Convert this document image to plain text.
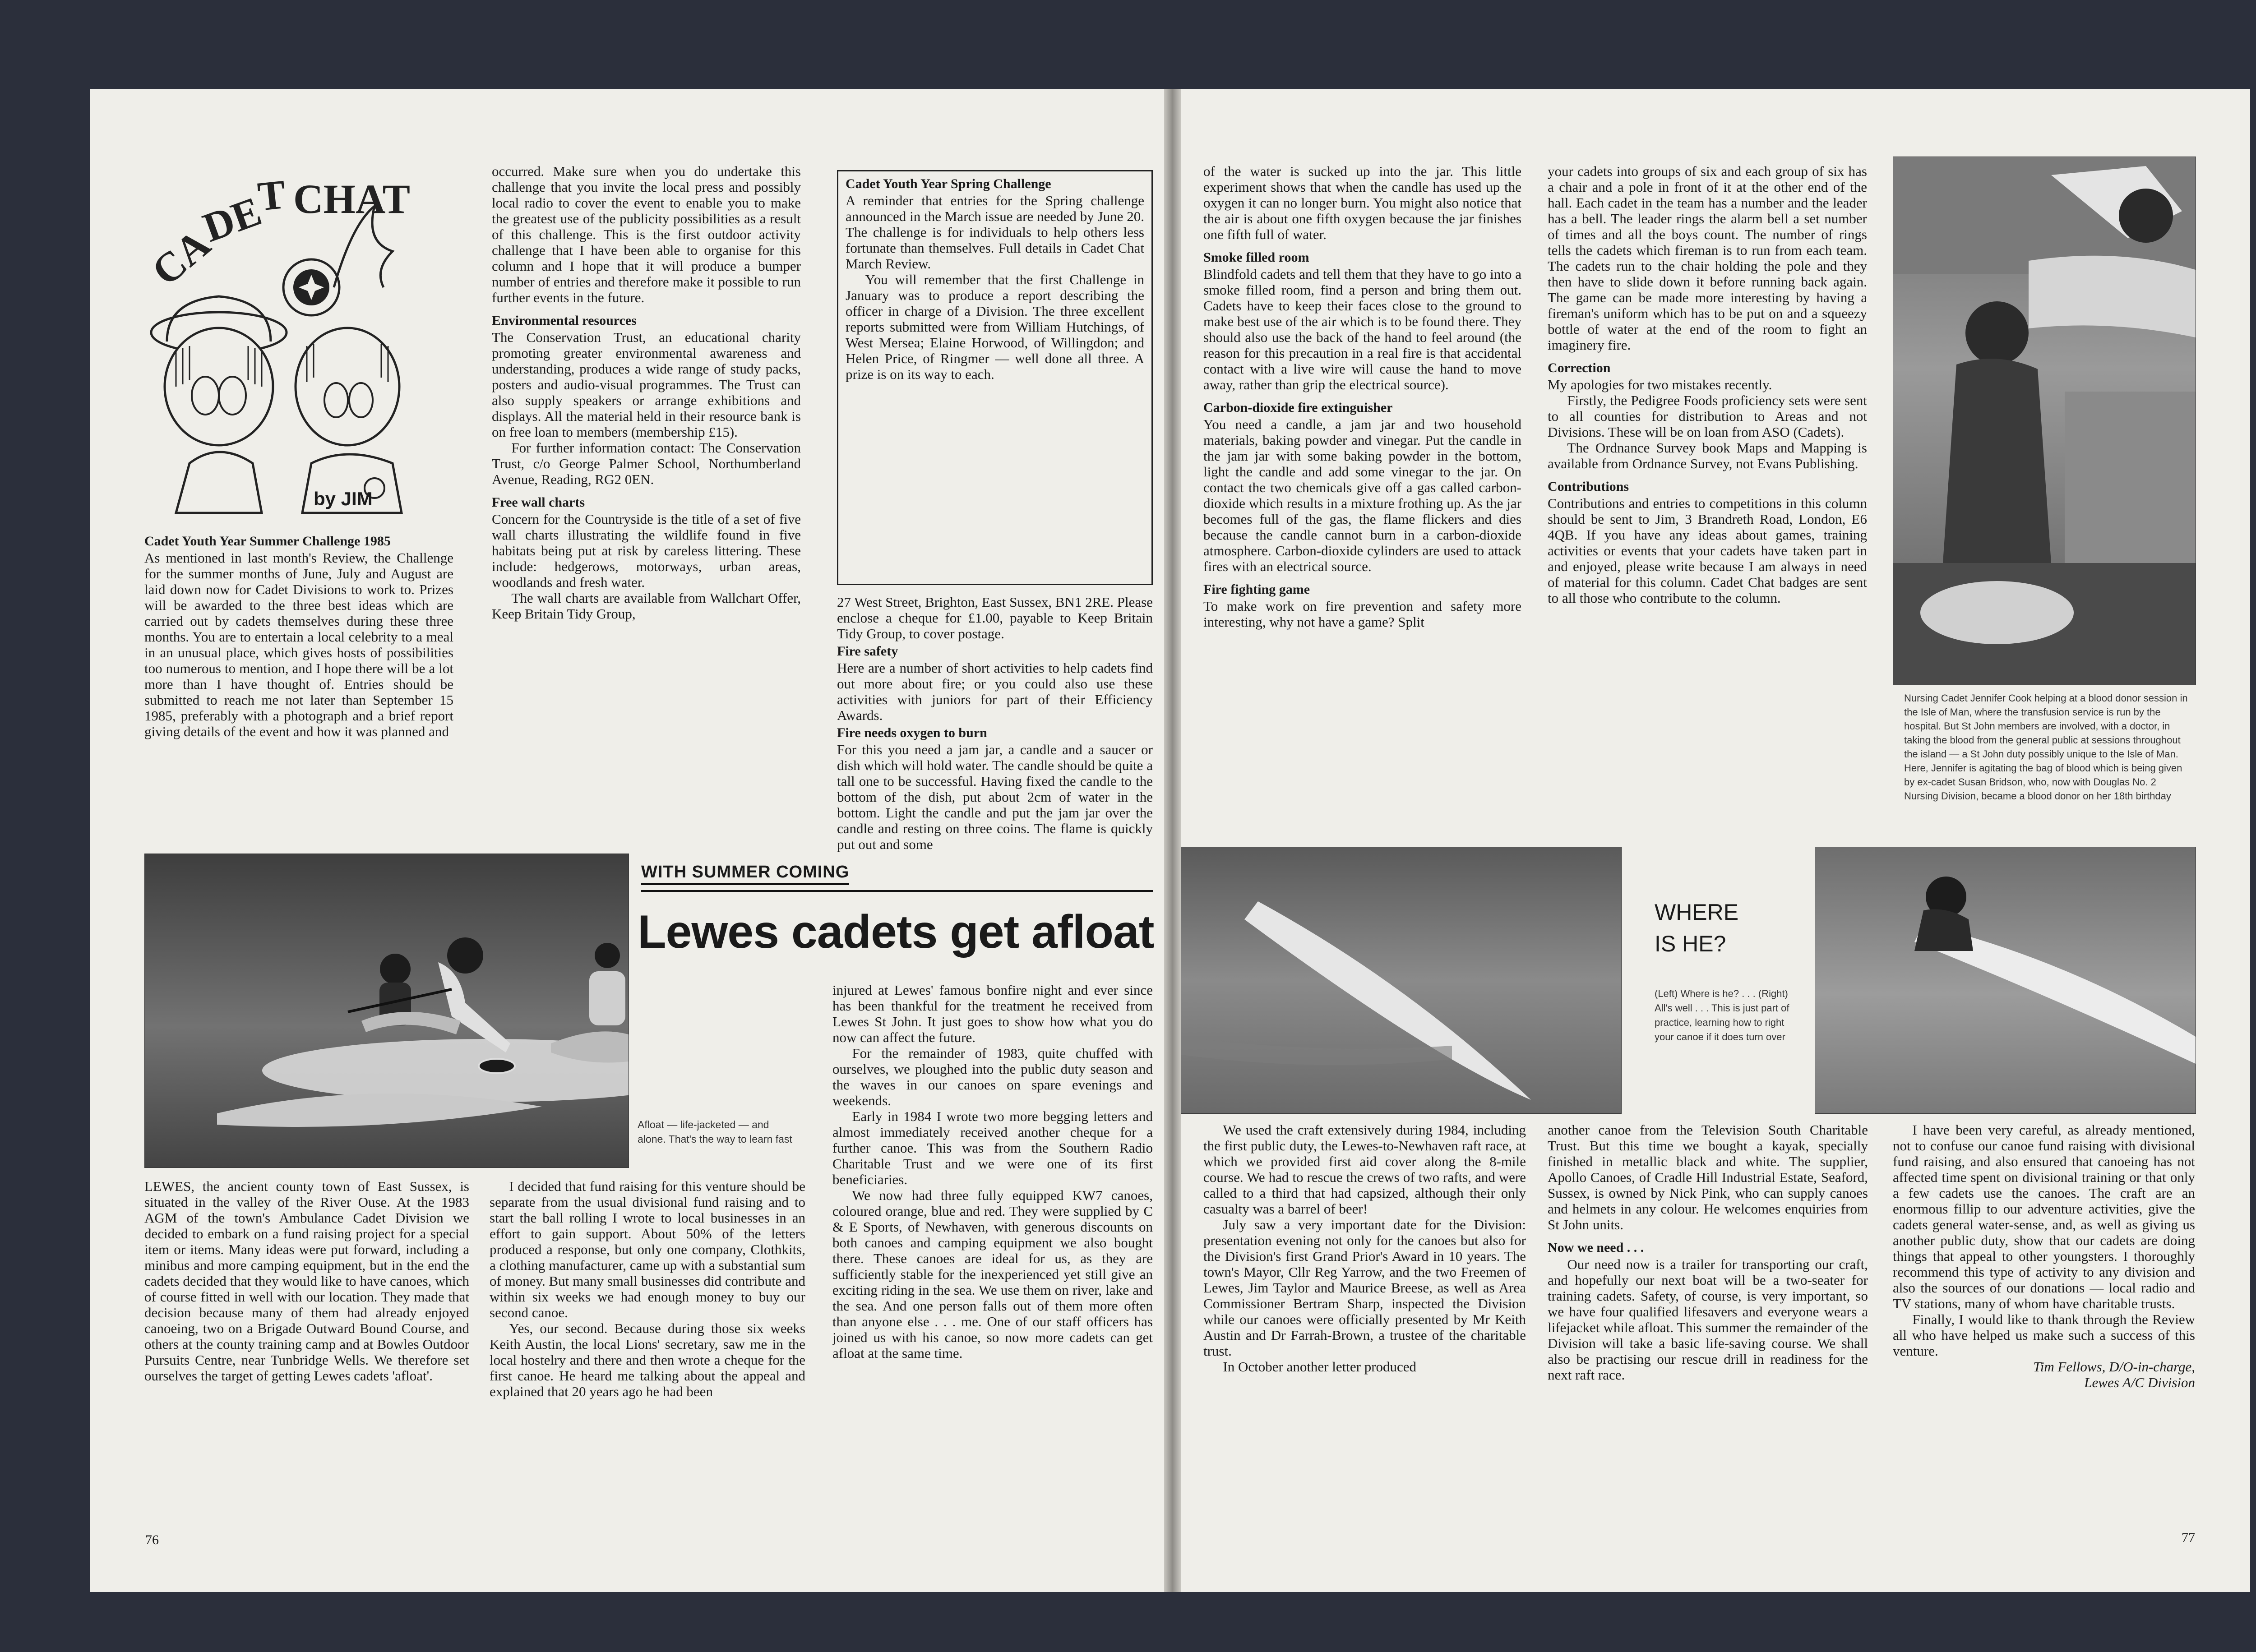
CA
DE
T CHAT
by JIM
Cadet Youth Year Summer Challenge 1985

As mentioned in last month's Review, the Challenge for the summer months of June, July and August are laid down now for Cadet Divisions to work to. Prizes will be awarded to the three best ideas which are carried out by cadets themselves during these three months. You are to entertain a local celebrity to a meal in an unusual place, which gives hosts of possibilities too numerous to mention, and I hope there will be a lot more than I have thought of. Entries should be submitted to reach me not later than September 15 1985, preferably with a photograph and a brief report giving details of the event and how it was planned and

occurred. Make sure when you do undertake this challenge that you invite the local press and possibly local radio to cover the event to enable you to make the greatest use of the publicity possibilities as a result of this challenge. This is the first outdoor activity challenge that I have been able to organise for this column and I hope that it will produce a bumper number of entries and therefore make it possible to run further events in the future.

Environmental resources

The Conservation Trust, an educational charity promoting greater environmental awareness and understanding, produces a wide range of study packs, posters and audio-visual programmes. The Trust can also supply speakers or arrange exhibitions and displays. All the material held in their resource bank is on free loan to members (membership £15).

For further information contact: The Conservation Trust, c/o George Palmer School, Northumberland Avenue, Reading, RG2 0EN.

Free wall charts

Concern for the Countryside is the title of a set of five wall charts illustrating the wildlife found in five habitats being put at risk by careless littering. These include: hedgerows, motorways, urban areas, woodlands and fresh water.

The wall charts are available from Wallchart Offer, Keep Britain Tidy Group,

Cadet Youth Year Spring Challenge

A reminder that entries for the Spring challenge announced in the March issue are needed by June 20. The challenge is for individuals to help others less fortunate than themselves. Full details in Cadet Chat March Review.

You will remember that the first Challenge in January was to produce a report describing the officer in charge of a Division. The three excellent reports submitted were from William Hutchings, of West Mersea; Elaine Horwood, of Willingdon; and Helen Price, of Ringmer — well done all three. A prize is on its way to each.

27 West Street, Brighton, East Sussex, BN1 2RE. Please enclose a cheque for £1.00, payable to Keep Britain Tidy Group, to cover postage.

Fire safety

Here are a number of short activities to help cadets find out more about fire; or you could also use these activities with juniors for part of their Efficiency Awards.

Fire needs oxygen to burn

For this you need a jam jar, a candle and a saucer or dish which will hold water. The candle should be quite a tall one to be successful. Having fixed the candle to the bottom of the dish, put about 2cm of water in the bottom. Light the candle and put the jam jar over the candle and resting on three coins. The flame is quickly put out and some

Afloat — life-jacketed — and alone. That's the way to learn fast
WITH SUMMER COMING
Lewes cadets get afloat

LEWES, the ancient county town of East Sussex, is situated in the valley of the River Ouse. At the 1983 AGM of the town's Ambulance Cadet Division we decided to embark on a fund raising project for a special item or items. Many ideas were put forward, including a minibus and more camping equipment, but in the end the cadets decided that they would like to have canoes, which of course fitted in well with our location. They made that decision because many of them had already enjoyed canoeing, two on a Brigade Outward Bound Course, and others at the county training camp and at Bowles Outdoor Pursuits Centre, near Tunbridge Wells. We therefore set ourselves the target of getting Lewes cadets 'afloat'.

I decided that fund raising for this venture should be separate from the usual divisional fund raising and to start the ball rolling I wrote to local businesses in an effort to gain support. About 50% of the letters produced a response, but only one company, Clothkits, a clothing manufacturer, came up with a substantial sum of money. But many small businesses did contribute and within six weeks we had enough money to buy our second canoe.

Yes, our second. Because during those six weeks Keith Austin, the local Lions' secretary, saw me in the local hostelry and there and then wrote a cheque for the first canoe. He heard me talking about the appeal and explained that 20 years ago he had been

injured at Lewes' famous bonfire night and ever since has been thankful for the treatment he received from Lewes St John. It just goes to show how what you do now can affect the future.

For the remainder of 1983, quite chuffed with ourselves, we ploughed into the public duty season and the waves in our canoes on spare evenings and weekends.

Early in 1984 I wrote two more begging letters and almost immediately received another cheque for a further canoe. This was from the Southern Radio Charitable Trust and we were one of its first beneficiaries.

We now had three fully equipped KW7 canoes, coloured orange, blue and red. They were supplied by C & E Sports, of Newhaven, with generous discounts on both canoes and camping equipment we also bought there. These canoes are ideal for us, as they are sufficiently stable for the inexperienced yet still give an exciting riding in the sea. We use them on river, lake and the sea. And one person falls out of them more often than anyone else . . . me. One of our staff officers has joined us with his canoe, so now more cadets can get afloat at the same time.

76

of the water is sucked up into the jar. This little experiment shows that when the candle has used up the oxygen it can no longer burn. You might also notice that the air is about one fifth oxygen because the jar finishes one fifth full of water.

Smoke filled room

Blindfold cadets and tell them that they have to go into a smoke filled room, find a person and bring them out. Cadets have to keep their faces close to the ground to make best use of the air which is to be found there. They should also use the back of the hand to feel around (the reason for this precaution in a real fire is that accidental contact with a live wire will cause the hand to move away, rather than grip the electrical source).

Carbon-dioxide fire extinguisher

You need a candle, a jam jar and two household materials, baking powder and vinegar. Put the candle in the jam jar with some baking powder in the bottom, light the candle and add some vinegar to the jar. On contact the two chemicals give off a gas called carbon-dioxide which results in a mixture frothing up. As the jar becomes full of the gas, the flame flickers and dies because the candle cannot burn in a carbon-dioxide atmosphere. Carbon-dioxide cylinders are used to attack fires with an electrical source.

Fire fighting game

To make work on fire prevention and safety more interesting, why not have a game? Split

your cadets into groups of six and each group of six has a chair and a pole in front of it at the other end of the hall. Each cadet in the team has a number and the leader has a bell. The leader rings the alarm bell a set number of times and all the boys count. The number of rings tells the cadets which fireman is to run from each team. The cadets run to the chair holding the pole and they then have to slide down it before running back again. The game can be made more interesting by having a fireman's uniform which has to be put on and a squeezy bottle of water at the end of the room to fight an imaginery fire.

Correction

My apologies for two mistakes recently.

Firstly, the Pedigree Foods proficiency sets were sent to all counties for distribution to Areas and not Divisions. These will be on loan from ASO (Cadets).

The Ordnance Survey book Maps and Mapping is available from Ordnance Survey, not Evans Publishing.

Contributions

Contributions and entries to competitions in this column should be sent to Jim, 3 Brandreth Road, London, E6 4QB. If you have any ideas about games, training activities or events that your cadets have taken part in and enjoyed, please write because I am always in need of material for this column. Cadet Chat badges are sent to all those who contribute to the column.

Nursing Cadet Jennifer Cook helping at a blood donor session in the Isle of Man, where the transfusion service is run by the hospital. But St John members are involved, with a doctor, in taking the blood from the general public at sessions throughout the island — a St John duty possibly unique to the Isle of Man. Here, Jennifer is agitating the bag of blood which is being given by ex-cadet Susan Bridson, who, now with Douglas No. 2 Nursing Division, became a blood donor on her 18th birthday
WHERE
IS HE?
(Left) Where is he? . . . (Right) All's well . . . This is just part of practice, learning how to right your canoe if it does turn over

We used the craft extensively during 1984, including the first public duty, the Lewes-to-Newhaven raft race, at which we provided first aid cover along the 8-mile course. We had to rescue the crews of two rafts, and were called to a third that had capsized, although their only casualty was a barrel of beer!

July saw a very important date for the Division: presentation evening not only for the canoes but also for the Division's first Grand Prior's Award in 10 years. The town's Mayor, Cllr Reg Yarrow, and the two Freemen of Lewes, Jim Taylor and Maurice Breese, as well as Area Commissioner Bertram Sharp, inspected the Division while our canoes were officially presented by Mr Keith Austin and Dr Farrah-Brown, a trustee of the charitable trust.

In October another letter produced

another canoe from the Television South Charitable Trust. But this time we bought a kayak, specially finished in metallic black and white. The supplier, Apollo Canoes, of Cradle Hill Industrial Estate, Seaford, Sussex, is owned by Nick Pink, who can supply canoes and helmets in any colour. He welcomes enquiries from St John units.

Now we need . . .

Our need now is a trailer for transporting our craft, and hopefully our next boat will be a two-seater for training cadets. Safety, of course, is very important, so we have four qualified lifesavers and everyone wears a lifejacket while afloat. This summer the remainder of the Division will take a basic life-saving course. We shall also be practising our rescue drill in readiness for the next raft race.

I have been very careful, as already mentioned, not to confuse our canoe fund raising with divisional fund raising, and also ensured that canoeing has not affected time spent on divisional training or that only a few cadets use the canoes. The craft are an enormous fillip to our adventure activities, give the cadets general water-sense, and, as well as giving us another public duty, show that our cadets are doing things that appeal to other youngsters. I thoroughly recommend this type of activity to any division and also the sources of our donations — local radio and TV stations, many of whom have charitable trusts.

Finally, I would like to thank through the Review all who have helped us make such a success of this venture.

Tim Fellows, D/O-in-charge,

Lewes A/C Division

77
